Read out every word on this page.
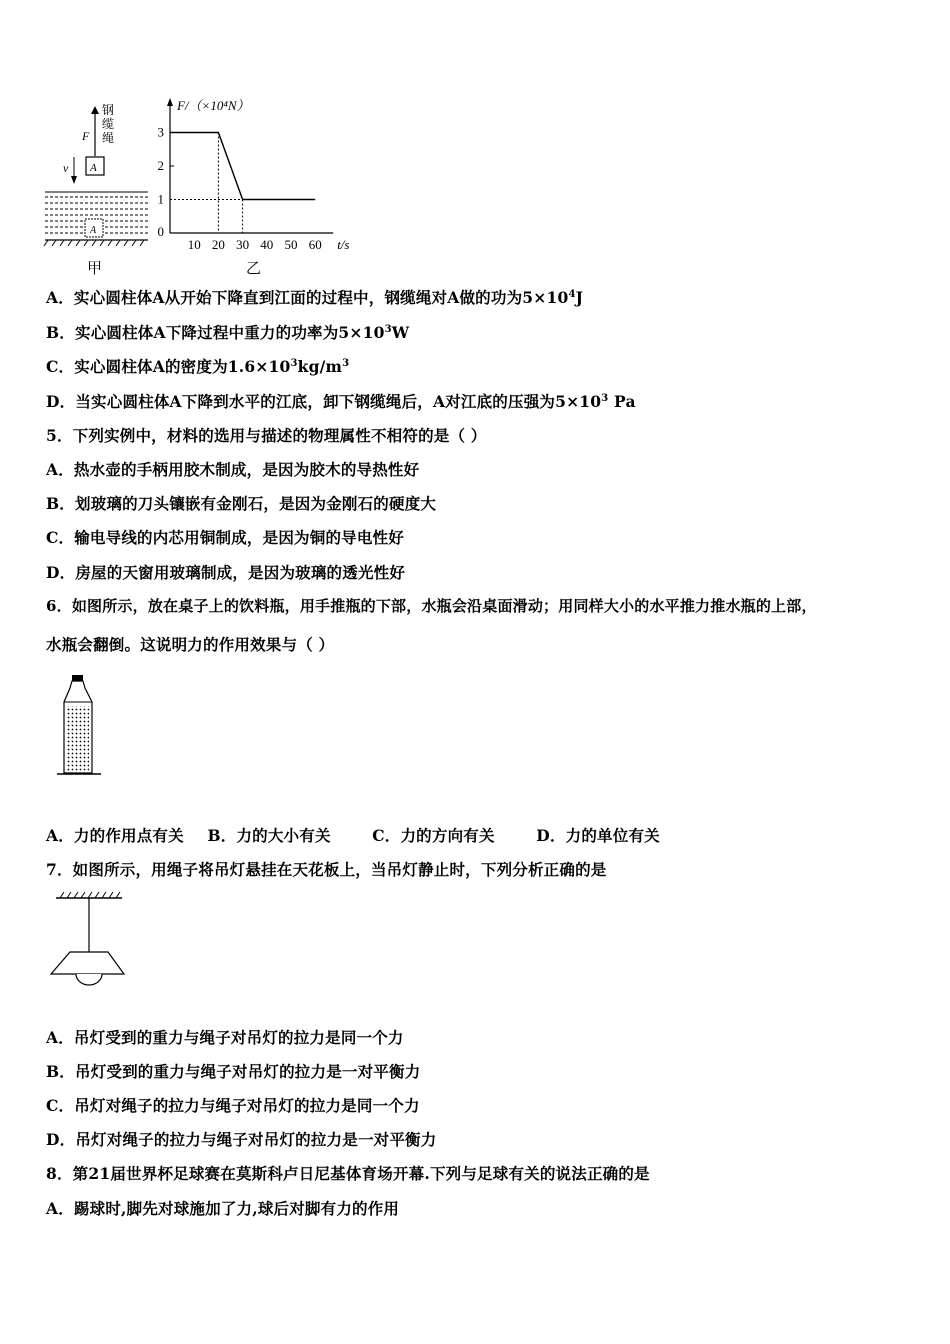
钢缆绳
F
A
v
A
甲
F/（×10⁴N）
t/s
10 20 30 40 50 60
1
2
3
0
乙
A．实心圆柱体A从开始下降直到江面的过程中，钢缆绳对A做的功为$5\times 10^4J$
B．实心圆柱体A下降过程中重力的功率为$5\times 10^3W$
C．实心圆柱体A的密度为$1.6\times 10^3kg/m^3$
D．当实心圆柱体A下降到水平的江底，卸下钢缆绳后，A对江底的压强为$5\times 10^3$ Pa
5．下列实例中，材料的选用与描述的物理属性不相符的是（ ）
A．热水壶的手柄用胶木制成，是因为胶木的导热性好
B．划玻璃的刀头镶嵌有金刚石，是因为金刚石的硬度大
C．输电导线的内芯用铜制成，是因为铜的导电性好
D．房屋的天窗用玻璃制成，是因为玻璃的透光性好
6．如图所示，放在桌子上的饮料瓶，用手推瓶的下部，水瓶会沿桌面滑动；用同样大小的水平推力推水瓶的上部，
水瓶会翻倒。这说明力的作用效果与（ ）
A．力的作用点有关 B．力的大小有关	C．力的方向有关	D．力的单位有关
7．如图所示，用绳子将吊灯悬挂在天花板上，当吊灯静止时，下列分析正确的是
A．吊灯受到的重力与绳子对吊灯的拉力是同一个力
B．吊灯受到的重力与绳子对吊灯的拉力是一对平衡力
C．吊灯对绳子的拉力与绳子对吊灯的拉力是同一个力
D．吊灯对绳子的拉力与绳子对吊灯的拉力是一对平衡力
8．第21届世界杯足球赛在莫斯科卢日尼基体育场开幕.下列与足球有关的说法正确的是
A．踢球时,脚先对球施加了力,球后对脚有力的作用
